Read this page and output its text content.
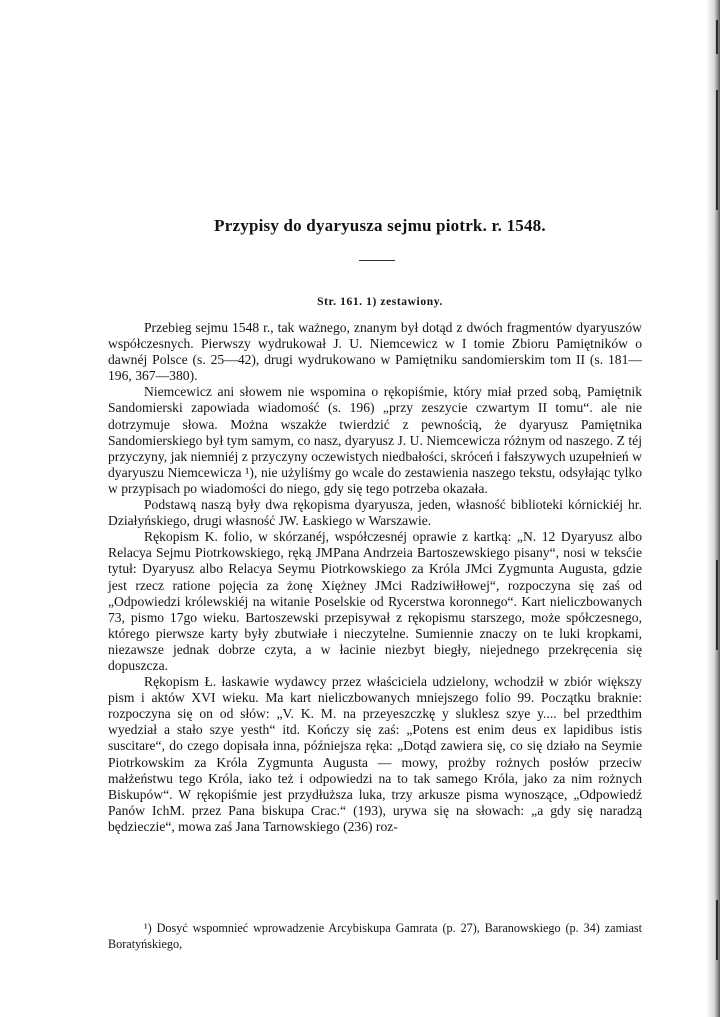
Przypisy do dyaryusza sejmu piotrk. r. 1548.
Str. 161. 1) zestawiony.

Przebieg sejmu 1548 r., tak ważnego, znanym był dotąd z dwóch fragmentów dyaryuszów współczesnych. Pierwszy wydrukował J. U. Niemcewicz w I tomie Zbioru Pamiętników o dawnéj Polsce (s. 25—42), drugi wydrukowano w Pamiętniku sandomierskim tom II (s. 181—196, 367—380).

Niemcewicz ani słowem nie wspomina o rękopiśmie, który miał przed sobą, Pamiętnik Sandomierski zapowiada wiadomość (s. 196) „przy zeszycie czwartym II tomu“. ale nie dotrzymuje słowa. Można wszakże twierdzić z pewnością, że dyaryusz Pamiętnika Sandomierskiego był tym samym, co nasz, dyaryusz J. U. Niemcewicza różnym od naszego. Z téj przyczyny, jak niemniéj z przyczyny oczewistych niedbałości, skróceń i fałszywych uzupełnień w dyaryuszu Niemcewicza ¹), nie użyliśmy go wcale do zestawienia naszego tekstu, odsyłając tylko w przypisach po wiadomości do niego, gdy się tego potrzeba okazała.

Podstawą naszą były dwa rękopisma dyaryusza, jeden, własność biblioteki kórnickiéj hr. Działyńskiego, drugi własność JW. Łaskiego w Warszawie.

Rękopism K. folio, w skórzanéj, współczesnéj oprawie z kartką: „N. 12 Dyaryusz albo Relacya Sejmu Piotrkowskiego, ręką JMPana Andrzeia Bartoszewskiego pisany“, nosi w teksćie tytuł: Dyaryusz albo Relacya Seymu Piotrkowskiego za Króla JMci Zygmunta Augusta, gdzie jest rzecz ratione pojęcia za żonę Xiężney JMci Radziwiłłowej“, rozpoczyna się zaś od „Odpowiedzi królewskiéj na witanie Poselskie od Rycerstwa koronnego“. Kart nieliczbowanych 73, pismo 17go wieku. Bartoszewski przepisywał z rękopismu starszego, może spółczesnego, którego pierwsze karty były zbutwiałe i nieczytelne. Sumiennie znaczy on te luki kropkami, niezawsze jednak dobrze czyta, a w łacinie niezbyt biegły, niejednego przekręcenia się dopuszcza.

Rękopism Ł. łaskawie wydawcy przez właściciela udzielony, wchodził w zbiór większy pism i aktów XVI wieku. Ma kart nieliczbowanych mniejszego folio 99. Początku braknie: rozpoczyna się on od słów: „V. K. M. na przeyeszczkę y sluklesz szye y.... bel przedthim wyedział a stało szye yesth“ itd. Kończy się zaś: „Potens est enim deus ex lapidibus istis suscitare“, do czego dopisała inna, późniejsza ręka: „Dotąd zawiera się, co się działo na Seymie Piotrkowskim za Króla Zygmunta Augusta — mowy, prożby rożnych posłów przeciw małżeństwu tego Króla, iako też i odpowiedzi na to tak samego Króla, jako za nim rożnych Biskupów“. W rękopiśmie jest przydłuższa luka, trzy arkusze pisma wynoszące, „Odpowiedź Panów IchM. przez Pana biskupa Crac.“ (193), urywa się na słowach: „a gdy się naradzą będzieczie“, mowa zaś Jana Tarnowskiego (236) roz-

¹) Dosyć wspomnieć wprowadzenie Arcybiskupa Gamrata (p. 27), Baranowskiego (p. 34) zamiast Boratyńskiego,
